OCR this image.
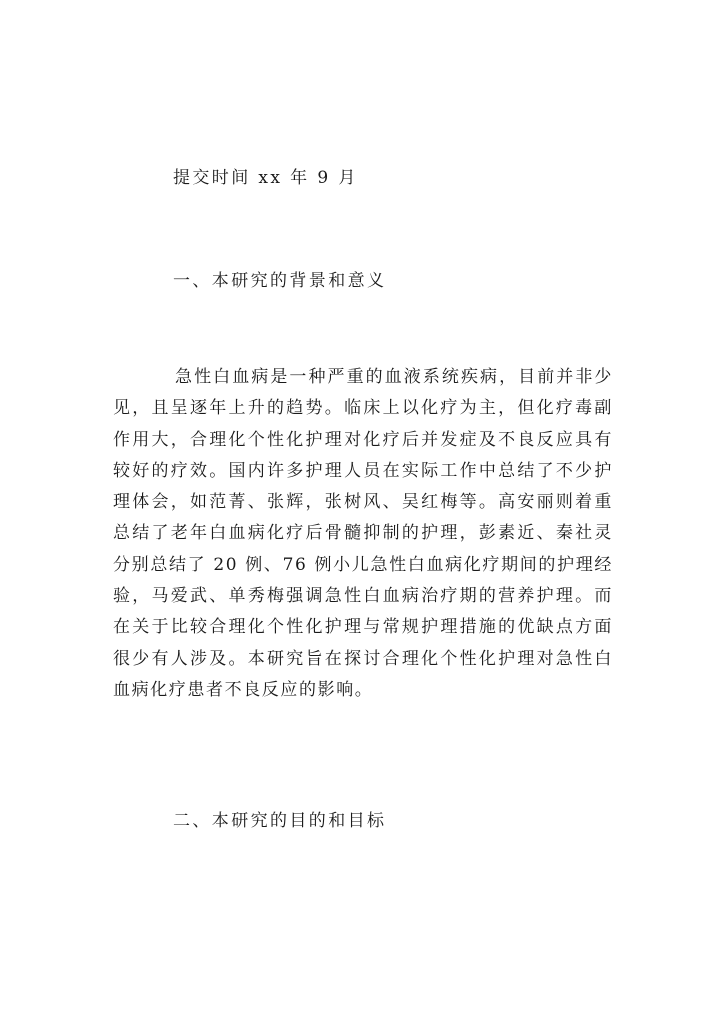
提交时间 xx 年 9 月
一、本研究的背景和意义

急性白血病是一种严重的血液系统疾病，目前并非少见，且呈逐年上升的趋势。临床上以化疗为主，但化疗毒副作用大，合理化个性化护理对化疗后并发症及不良反应具有较好的疗效。国内许多护理人员在实际工作中总结了不少护理体会，如范菁、张辉，张树风、吴红梅等。高安丽则着重总结了老年白血病化疗后骨髓抑制的护理，彭素近、秦社灵分别总结了 20 例、76 例小儿急性白血病化疗期间的护理经验，马爱武、单秀梅强调急性白血病治疗期的营养护理。而在关于比较合理化个性化护理与常规护理措施的优缺点方面很少有人涉及。本研究旨在探讨合理化个性化护理对急性白血病化疗患者不良反应的影响。

二、本研究的目的和目标
